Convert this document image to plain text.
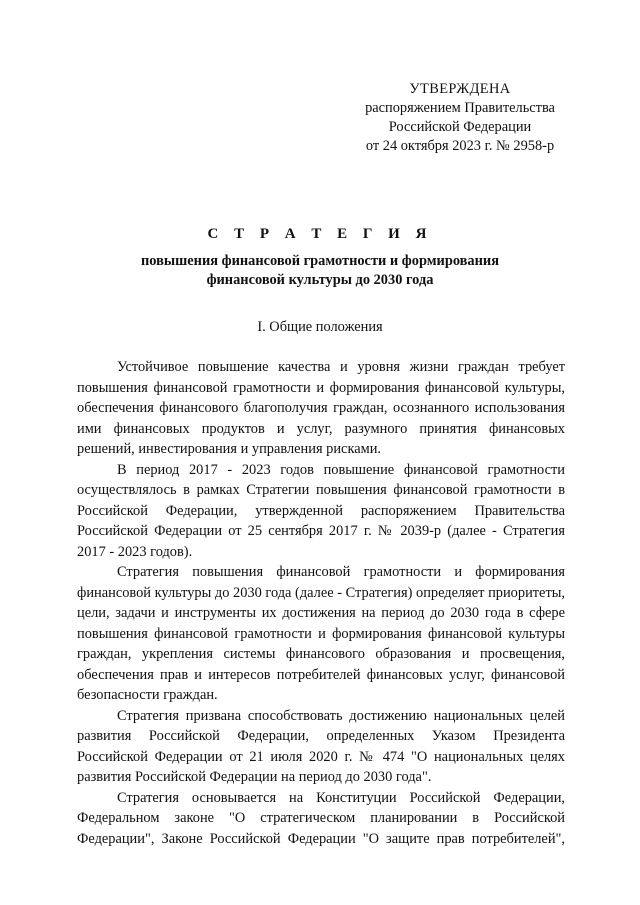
УТВЕРЖДЕНА
распоряжением Правительства
Российской Федерации
от 24 октября 2023 г. № 2958-р
С Т Р А Т Е Г И Я
повышения финансовой грамотности и формирования
финансовой культуры до 2030 года
I. Общие положения

Устойчивое повышение качества и уровня жизни граждан требует повышения финансовой грамотности и формирования финансовой культуры, обеспечения финансового благополучия граждан, осознанного использования ими финансовых продуктов и услуг, разумного принятия финансовых решений, инвестирования и управления рисками.

В период 2017 - 2023 годов повышение финансовой грамотности осуществлялось в рамках Стратегии повышения финансовой грамотности в Российской Федерации, утвержденной распоряжением Правительства Российской Федерации от 25 сентября 2017 г. № 2039-р (далее - Стратегия 2017 - 2023 годов).

Стратегия повышения финансовой грамотности и формирования финансовой культуры до 2030 года (далее - Стратегия) определяет приоритеты, цели, задачи и инструменты их достижения на период до 2030 года в сфере повышения финансовой грамотности и формирования финансовой культуры граждан, укрепления системы финансового образования и просвещения, обеспечения прав и интересов потребителей финансовых услуг, финансовой безопасности граждан.

Стратегия призвана способствовать достижению национальных целей развития Российской Федерации, определенных Указом Президента Российской Федерации от 21 июля 2020 г. № 474 "О национальных целях развития Российской Федерации на период до 2030 года".

Стратегия основывается на Конституции Российской Федерации, Федеральном законе "О стратегическом планировании в Российской Федерации", Законе Российской Федерации "О защите прав потребителей",
